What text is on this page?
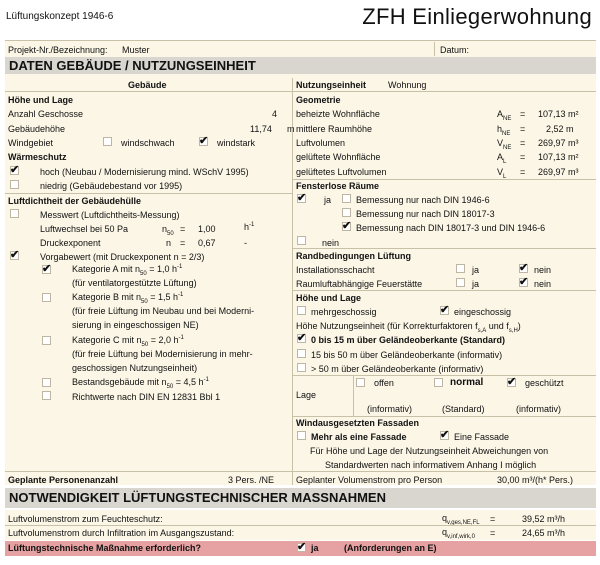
Lüftungskonzept 1946-6	ZFH Einliegerwohnung
Projekt-Nr./Bezeichnung: Muster	Datum:
DATEN GEBÄUDE / NUTZUNGSEINHEIT
Gebäude	Nutzungseinheit Wohnung
Höhe und Lage
Anzahl Geschosse	4
Gebäudehöhe	11,74 m
Windgebiet	windschwach ✔ windstark
Wärmeschutz
✔ hoch (Neubau / Modernisierung mind. WSchV 1995)
niedrig (Gebäudebestand vor 1995)
Luftdichtheit der Gebäudehülle
Messwert (Luftdichtheits-Messung)
Luftwechsel bei 50 Pa	$n_{50} = 1,00$	$h^{-1}$
Druckexponent	n = 0,67	-
✔ Vorgabewert (mit Druckexponent n = 2/3)
✔ Kategorie A mit $n_{50} = 1,0$ $h^{-1}$
(für ventilatorgestützte Lüftung)
Kategorie B mit $n_{50} = 1,5$ $h^{-1}$
(für freie Lüftung im Neubau und bei Moderni-
sierung in eingeschossigen NE)
Kategorie C mit $n_{50} = 2,0$ $h^{-1}$
(für freie Lüftung bei Modernisierung in mehr-
geschossigen Nutzungseinheit)
Bestandsgebäude mit $n_{50} = 4,5$ $h^{-1}$
Richtwerte nach DIN EN 12831 Bbl 1
Geometrie
beheizte Wohnfläche	$A_{NE} = 107,13$ m²
mittlere Raumhöhe	$h_{NE} = 2,52$ m
Luftvolumen	$V_{NE} = 269,97$ m³
gelüftete Wohnfläche	$A_L = 107,13$ m²
gelüftetes Luftvolumen	$V_L = 269,97$ m³
Fensterlose Räume
✔ ja	Bemessung nur nach DIN 1946-6
Bemessung nur nach DIN 18017-3
✔ Bemessung nach DIN 18017-3 und DIN 1946-6
nein
Randbedingungen Lüftung
Installationsschacht	ja	✔ nein
Raumluftabhängige Feuerstätte	ja	✔ nein
Höhe und Lage
mehrgeschossig	✔ eingeschossig
Höhe Nutzungseinheit (für Korrekturfaktoren $f_{s,A}$ und $f_{s,H}$)
✔ 0 bis 15 m über Geländeoberkante (Standard)
15 bis 50 m über Geländeoberkante (informativ)
> 50 m über Geländeoberkante (informativ)
Lage
offen
(informativ)
normal
(Standard)
✔ geschützt
(informativ)
Windausgesetzten Fassaden
Mehr als eine Fassade	✔ Eine Fassade
Für Höhe und Lage der Nutzungseinheit Abweichungen von
Standardwerten nach informativem Anhang I möglich
Geplante Personenanzahl	3 Pers. /NE Geplanter Volumenstrom pro Person	30,00 m³/(h* Pers.)
NOTWENDIGKEIT LÜFTUNGSTECHNISCHER MASSNAHMEN
Luftvolumenstrom zum Feuchteschutz:	$q_{v,ges,NE,FL}$ =	39,52 m³/h
Luftvolumenstrom durch Infiltration im Ausgangszustand:	$q_{v,inf,wirk,0}$ =	24,65 m³/h
Lüftungstechnische Maßnahme erforderlich?	✔ ja	(Anforderungen an E)
